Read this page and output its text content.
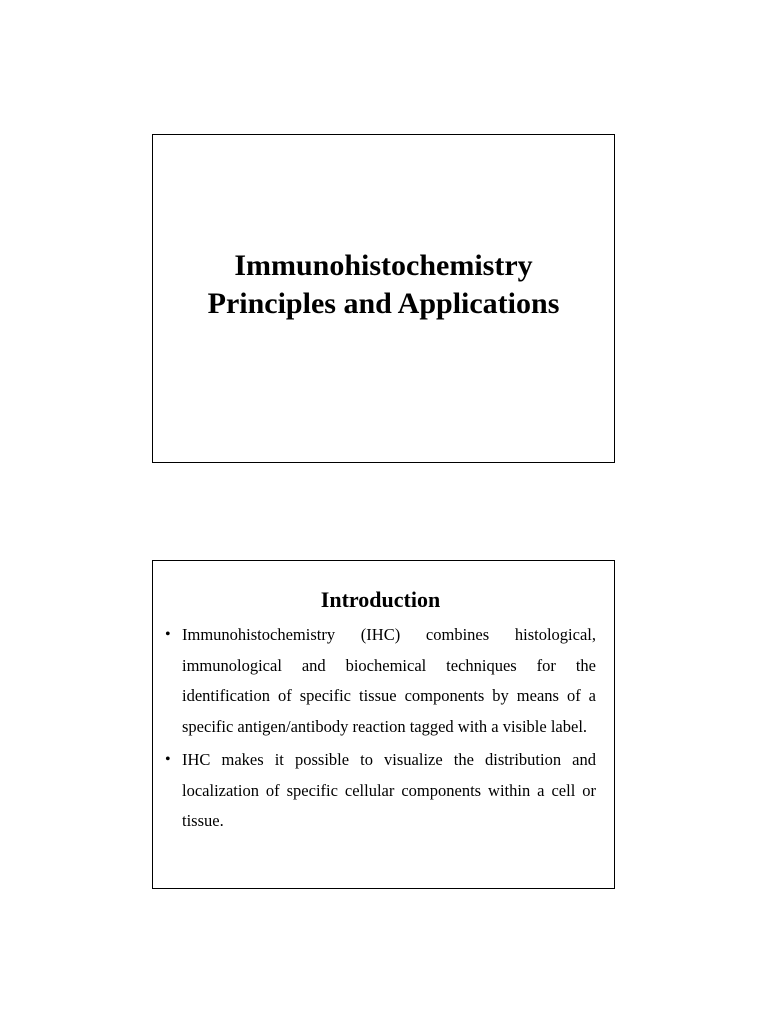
Immunohistochemistry
Principles and Applications
Introduction
• Immunohistochemistry (IHC) combines histological, immunological and biochemical techniques for the identification of specific tissue components by means of a specific antigen/antibody reaction tagged with a visible label.
• IHC makes it possible to visualize the distribution and localization of specific cellular components within a cell or tissue.
